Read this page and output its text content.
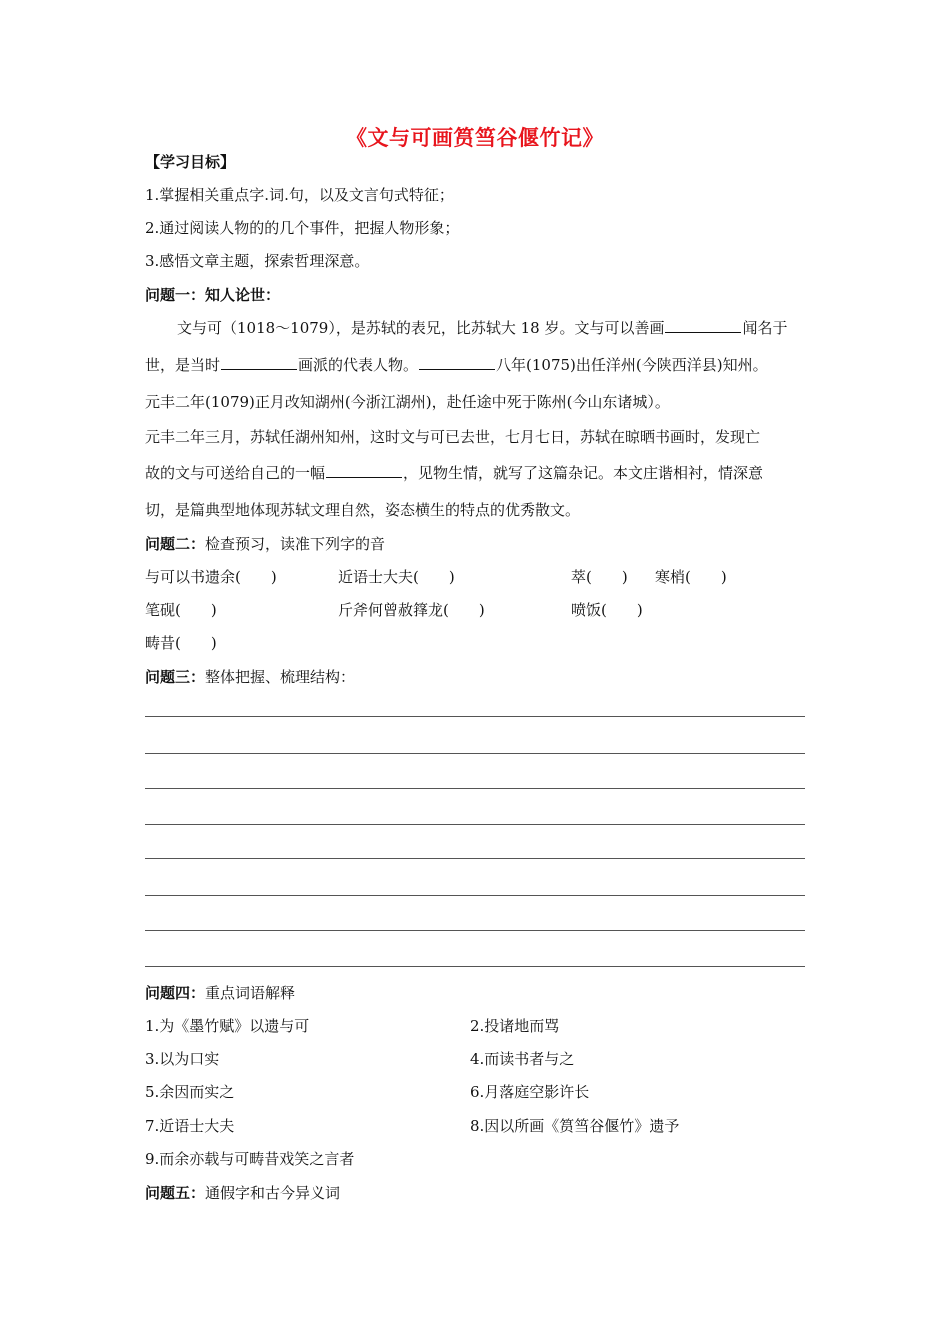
《文与可画筼筜谷偃竹记》
【学习目标】
1.掌握相关重点字.词.句，以及文言句式特征；
2.通过阅读人物的的几个事件，把握人物形象；
3.感悟文章主题，探索哲理深意。
问题一：知人论世：
文与可（1018～1079），是苏轼的表兄，比苏轼大 18 岁。文与可以善画	闻名于
世，是当时	画派的代表人物。	八年(1075)出任洋州(今陕西洋县)知州。
元丰二年(1079)正月改知湖州(今浙江湖州)，赴任途中死于陈州(今山东诸城）。
元丰二年三月，苏轼任湖州知州，这时文与可已去世，七月七日，苏轼在晾晒书画时，发现亡
故的文与可送给自己的一幅	，见物生情，就写了这篇杂记。本文庄谐相衬，情深意
切，是篇典型地体现苏轼文理自然，姿态横生的特点的优秀散文。
问题二：检查预习，读准下列字的音
与可以书遗余(　　)	近语士大夫(　　)	萃(　　) 寒梢(　　)
笔砚(　　)	斤斧何曾赦箨龙(　　)	喷饭(　　)
畴昔(　　)
问题三：整体把握、梳理结构：
问题四：重点词语解释
1.为《墨竹赋》以遗与可	2.投诸地而骂
3.以为口实	4.而读书者与之
5.余因而实之	6.月落庭空影许长
7.近语士大夫	8.因以所画《筼筜谷偃竹》遗予
9.而余亦载与可畴昔戏笑之言者
问题五：通假字和古今异义词
